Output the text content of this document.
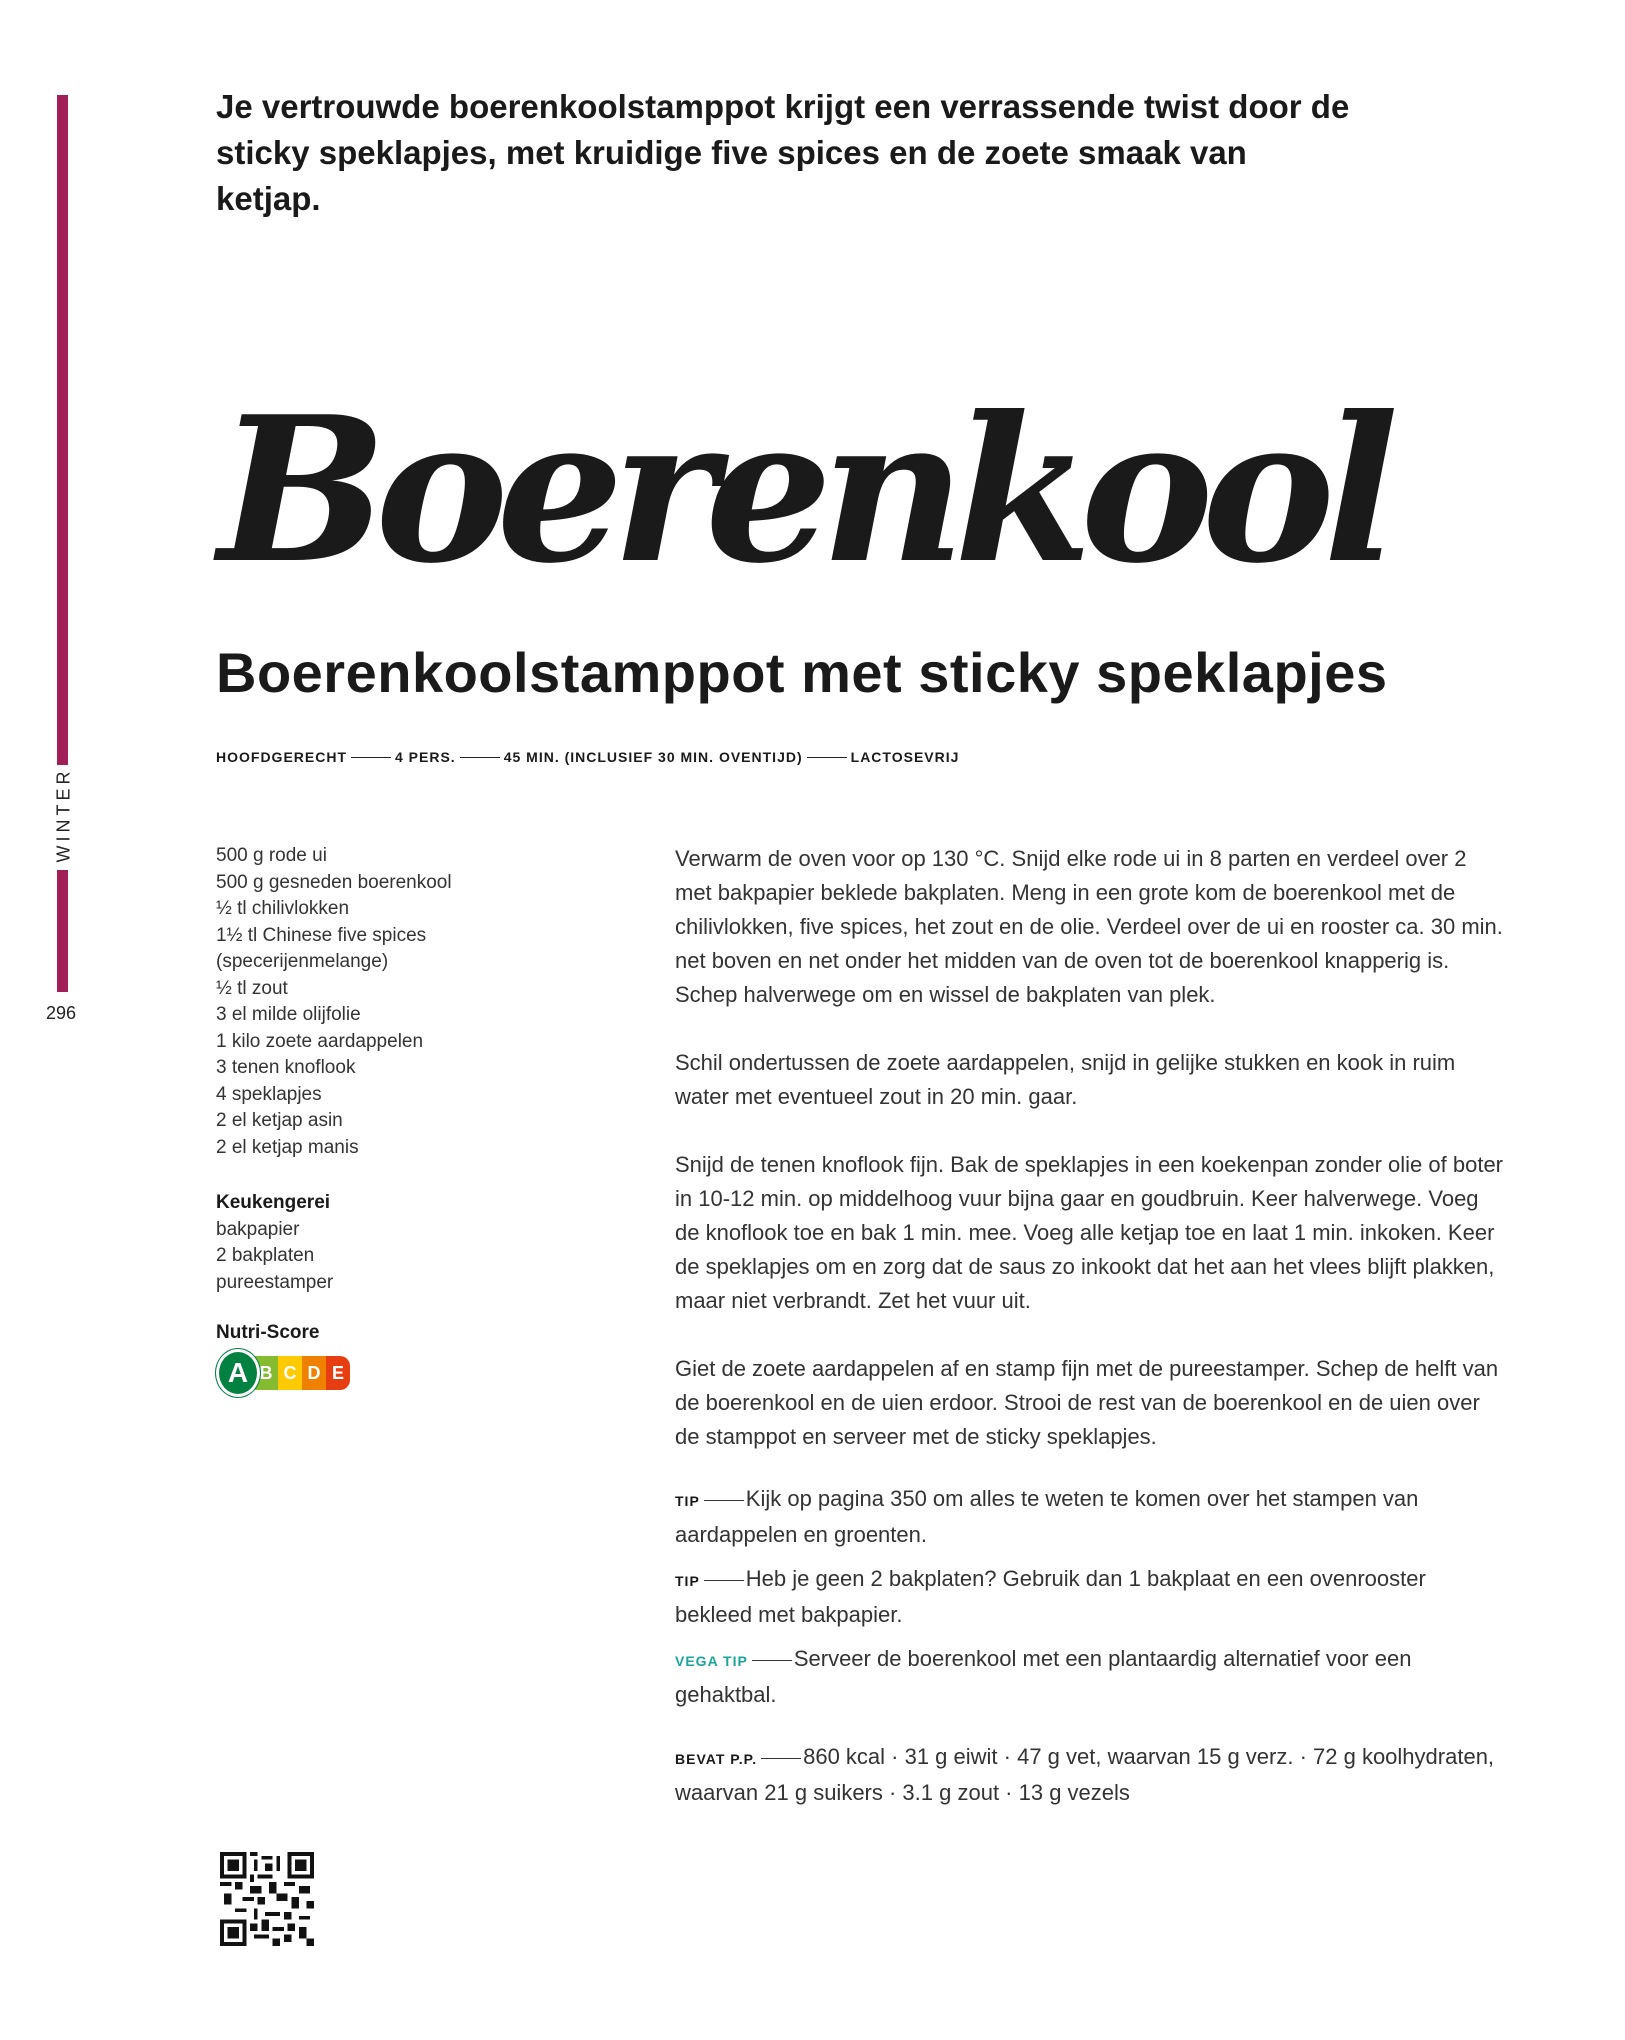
WINTER
296
Je vertrouwde boerenkoolstamppot krijgt een verrassende twist door de sticky speklapjes, met kruidige five spices en de zoete smaak van ketjap.
Boerenkool
Boerenkoolstamppot met sticky speklapjes
HOOFDGERECHT	4 PERS.	45 MIN. (INCLUSIEF 30 MIN. OVENTIJD)	LACTOSEVRIJ
500 g rode ui
500 g gesneden boerenkool
½ tl chilivlokken
1½ tl Chinese five spices
(specerijenmelange)
½ tl zout
3 el milde olijfolie
1 kilo zoete aardappelen
3 tenen knoflook
4 speklapjes
2 el ketjap asin
2 el ketjap manis
Keukengerei
bakpapier
2 bakplaten
pureestamper
Nutri-Score
A B C D E

Verwarm de oven voor op 130 °C. Snijd elke rode ui in 8 parten en verdeel over 2 met bakpapier beklede bakplaten. Meng in een grote kom de boerenkool met de chilivlokken, five spices, het zout en de olie. Verdeel over de ui en rooster ca. 30 min. net boven en net onder het midden van de oven tot de boerenkool knapperig is. Schep halverwege om en wissel de bakplaten van plek.

Schil ondertussen de zoete aardappelen, snijd in gelijke stukken en kook in ruim water met eventueel zout in 20 min. gaar.

Snijd de tenen knoflook fijn. Bak de speklapjes in een koekenpan zonder olie of boter in 10-12 min. op middelhoog vuur bijna gaar en goudbruin. Keer halverwege. Voeg de knoflook toe en bak 1 min. mee. Voeg alle ketjap toe en laat 1 min. inkoken. Keer de speklapjes om en zorg dat de saus zo inkookt dat het aan het vlees blijft plakken, maar niet verbrandt. Zet het vuur uit.

Giet de zoete aardappelen af en stamp fijn met de pureestamper. Schep de helft van de boerenkool en de uien erdoor. Strooi de rest van de boerenkool en de uien over de stamppot en serveer met de sticky speklapjes.

TIP Kijk op pagina 350 om alles te weten te komen over het stampen van aardappelen en groenten.
TIP Heb je geen 2 bakplaten? Gebruik dan 1 bakplaat en een ovenrooster bekleed met bakpapier.
VEGA TIP Serveer de boerenkool met een plantaardig alternatief voor een gehaktbal.
BEVAT P.P. 860 kcal · 31 g eiwit · 47 g vet, waarvan 15 g verz. · 72 g koolhydraten, waarvan 21 g suikers · 3.1 g zout · 13 g vezels
